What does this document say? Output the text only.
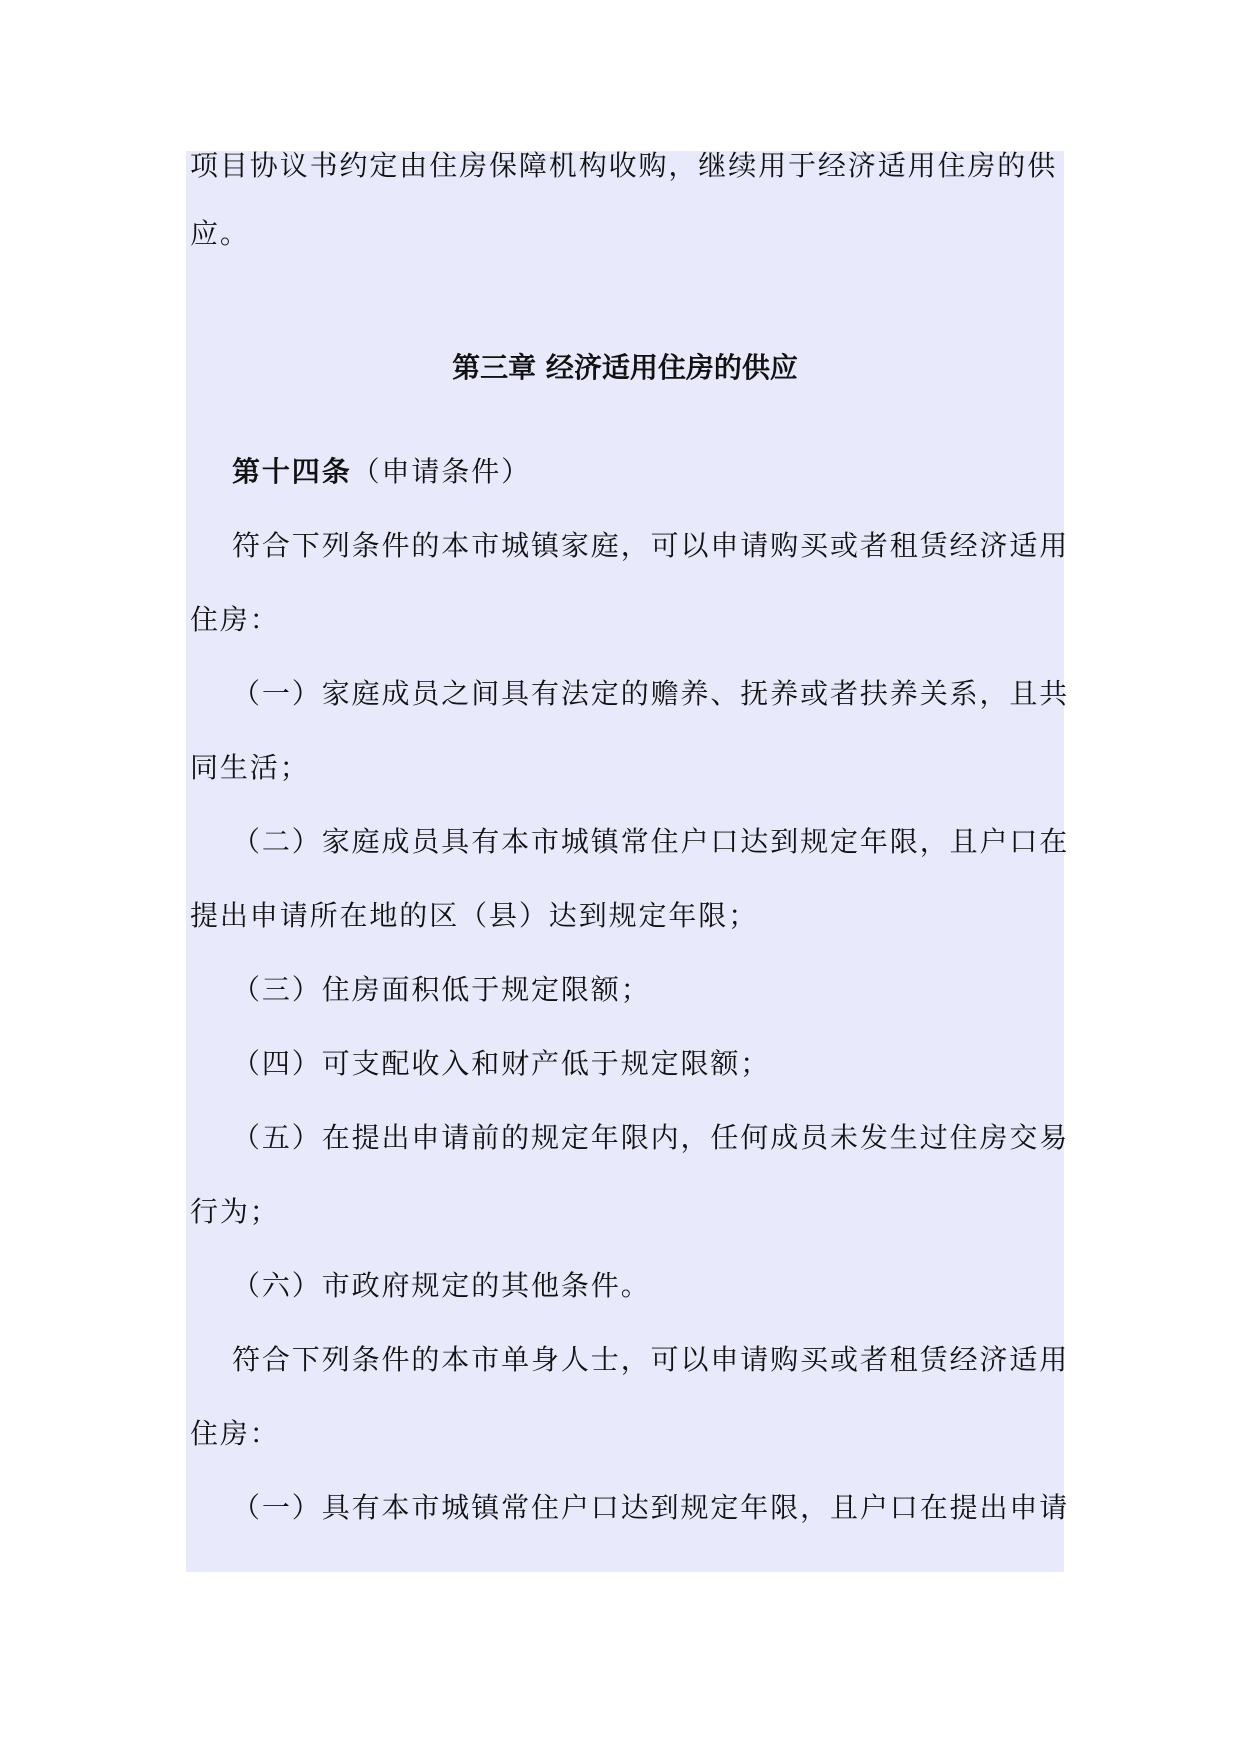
项目协议书约定由住房保障机构收购，继续用于经济适用住房的供
应。
第三章 经济适用住房的供应
第十四条（申请条件）
符合下列条件的本市城镇家庭，可以申请购买或者租赁经济适用
住房：
（一）家庭成员之间具有法定的赡养、抚养或者扶养关系，且共
同生活；
（二）家庭成员具有本市城镇常住户口达到规定年限，且户口在
提出申请所在地的区（县）达到规定年限；
（三）住房面积低于规定限额；
（四）可支配收入和财产低于规定限额；
（五）在提出申请前的规定年限内，任何成员未发生过住房交易
行为；
（六）市政府规定的其他条件。
符合下列条件的本市单身人士，可以申请购买或者租赁经济适用
住房：
（一）具有本市城镇常住户口达到规定年限，且户口在提出申请
